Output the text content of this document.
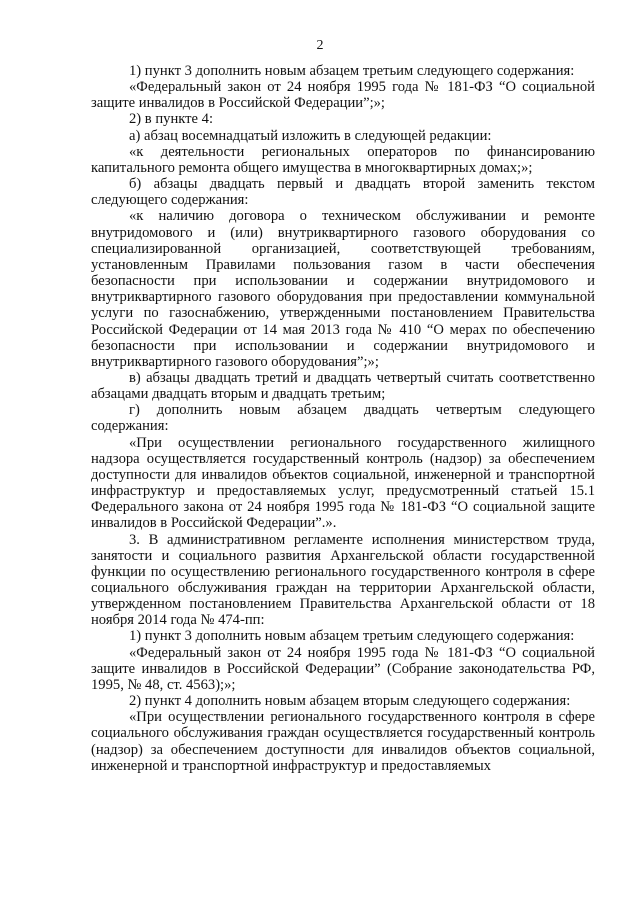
2

1) пункт 3 дополнить новым абзацем третьим следующего содержания:

«Федеральный закон от 24 ноября 1995 года № 181-ФЗ “О социальной защите инвалидов в Российской Федерации”;»;

2) в пункте 4:

а) абзац восемнадцатый изложить в следующей редакции:

«к деятельности региональных операторов по финансированию капитального ремонта общего имущества в многоквартирных домах;»;

б) абзацы двадцать первый и двадцать второй заменить текстом следующего содержания:

«к наличию договора о техническом обслуживании и ремонте внутридомового и (или) внутриквартирного газового оборудования со специализированной организацией, соответствующей требованиям, установленным Правилами пользования газом в части обеспечения безопасности при использовании и содержании внутридомового и внутриквартирного газового оборудования при предоставлении коммунальной услуги по газоснабжению, утвержденными постановлением Правительства Российской Федерации от 14 мая 2013 года № 410 “О мерах по обеспечению безопасности при использовании и содержании внутридомового и внутриквартирного газового оборудования”;»;

в) абзацы двадцать третий и двадцать четвертый считать соответственно абзацами двадцать вторым и двадцать третьим;

г) дополнить новым абзацем двадцать четвертым следующего содержания:

«При осуществлении регионального государственного жилищного надзора осуществляется государственный контроль (надзор) за обеспечением доступности для инвалидов объектов социальной, инженерной и транспортной инфраструктур и предоставляемых услуг, предусмотренный статьей 15.1 Федерального закона от 24 ноября 1995 года № 181-ФЗ “О социальной защите инвалидов в Российской Федерации”.».

3. В административном регламенте исполнения министерством труда, занятости и социального развития Архангельской области государственной функции по осуществлению регионального государственного контроля в сфере социального обслуживания граждан на территории Архангельской области, утвержденном постановлением Правительства Архангельской области от 18 ноября 2014 года № 474-пп:

1) пункт 3 дополнить новым абзацем третьим следующего содержания:

«Федеральный закон от 24 ноября 1995 года № 181-ФЗ “О социальной защите инвалидов в Российской Федерации” (Собрание законодательства РФ, 1995, № 48, ст. 4563);»;

2) пункт 4 дополнить новым абзацем вторым следующего содержания:

«При осуществлении регионального государственного контроля в сфере социального обслуживания граждан осуществляется государственный контроль (надзор) за обеспечением доступности для инвалидов объектов социальной, инженерной и транспортной инфраструктур и предоставляемых
